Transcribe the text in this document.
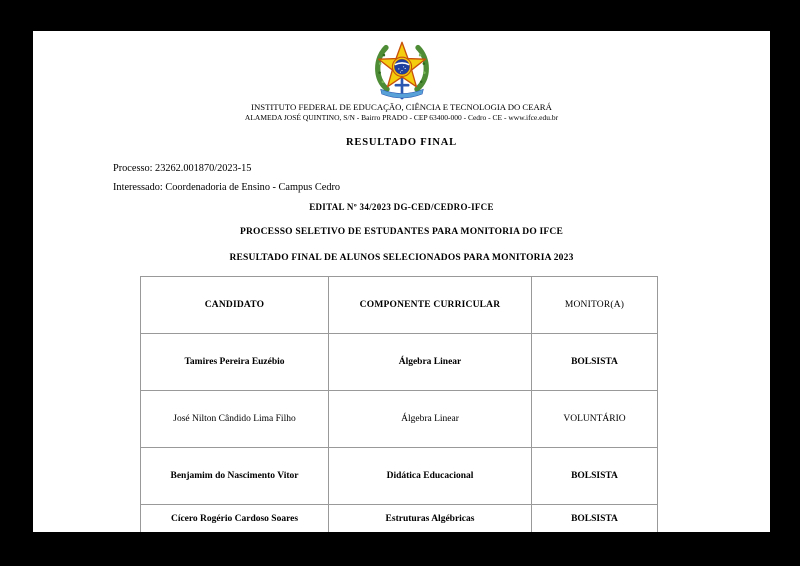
INSTITUTO FEDERAL DE EDUCAÇÃO, CIÊNCIA E TECNOLOGIA DO CEARÁ
ALAMEDA JOSÉ QUINTINO, S/N - Bairro PRADO - CEP 63400-000 - Cedro - CE - www.ifce.edu.br
RESULTADO FINAL
Processo: 23262.001870/2023-15
Interessado: Coordenadoria de Ensino - Campus Cedro
EDITAL Nº 34/2023 DG-CED/CEDRO-IFCE
PROCESSO SELETIVO DE ESTUDANTES PARA MONITORIA DO IFCE
RESULTADO FINAL DE ALUNOS SELECIONADOS PARA MONITORIA 2023
CANDIDATO	COMPONENTE CURRICULAR	MONITOR(A)
Tamires Pereira Euzébio	Álgebra Linear	BOLSISTA
José Nilton Cândido Lima Filho	Álgebra Linear	VOLUNTÁRIO
Benjamim do Nascimento Vitor	Didática Educacional	BOLSISTA
Cícero Rogério Cardoso Soares	Estruturas Algébricas	BOLSISTA
